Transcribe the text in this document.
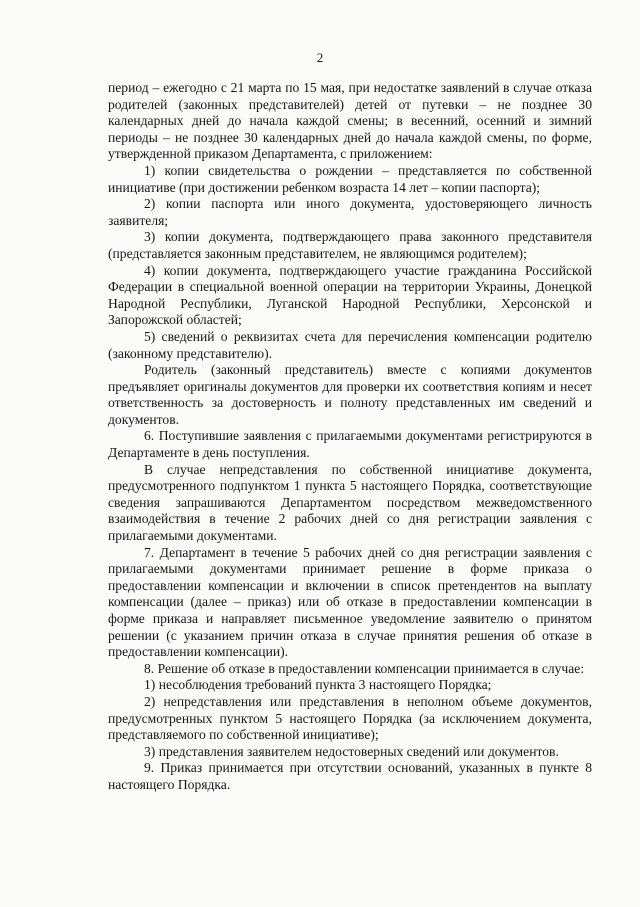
2

период – ежегодно с 21 марта по 15 мая, при недостатке заявлений в случае отказа родителей (законных представителей) детей от путевки – не позднее 30 календарных дней до начала каждой смены; в весенний, осенний и зимний периоды – не позднее 30 календарных дней до начала каждой смены, по форме, утвержденной приказом Департамента, с приложением:

1) копии свидетельства о рождении – представляется по собственной инициативе (при достижении ребенком возраста 14 лет – копии паспорта);

2) копии паспорта или иного документа, удостоверяющего личность заявителя;

3) копии документа, подтверждающего права законного представителя (представляется законным представителем, не являющимся родителем);

4) копии документа, подтверждающего участие гражданина Российской Федерации в специальной военной операции на территории Украины, Донецкой Народной Республики, Луганской Народной Республики, Херсонской и Запорожской областей;

5) сведений о реквизитах счета для перечисления компенсации родителю (законному представителю).

Родитель (законный представитель) вместе с копиями документов предъявляет оригиналы документов для проверки их соответствия копиям и несет ответственность за достоверность и полноту представленных им сведений и документов.

6. Поступившие заявления с прилагаемыми документами регистрируются в Департаменте в день поступления.

В случае непредставления по собственной инициативе документа, предусмотренного подпунктом 1 пункта 5 настоящего Порядка, соответствующие сведения запрашиваются Департаментом посредством межведомственного взаимодействия в течение 2 рабочих дней со дня регистрации заявления с прилагаемыми документами.

7. Департамент в течение 5 рабочих дней со дня регистрации заявления с прилагаемыми документами принимает решение в форме приказа о предоставлении компенсации и включении в список претендентов на выплату компенсации (далее – приказ) или об отказе в предоставлении компенсации в форме приказа и направляет письменное уведомление заявителю о принятом решении (с указанием причин отказа в случае принятия решения об отказе в предоставлении компенсации).

8. Решение об отказе в предоставлении компенсации принимается в случае:

1) несоблюдения требований пункта 3 настоящего Порядка;

2) непредставления или представления в неполном объеме документов, предусмотренных пунктом 5 настоящего Порядка (за исключением документа, представляемого по собственной инициативе);

3) представления заявителем недостоверных сведений или документов.

9. Приказ принимается при отсутствии оснований, указанных в пункте 8 настоящего Порядка.
